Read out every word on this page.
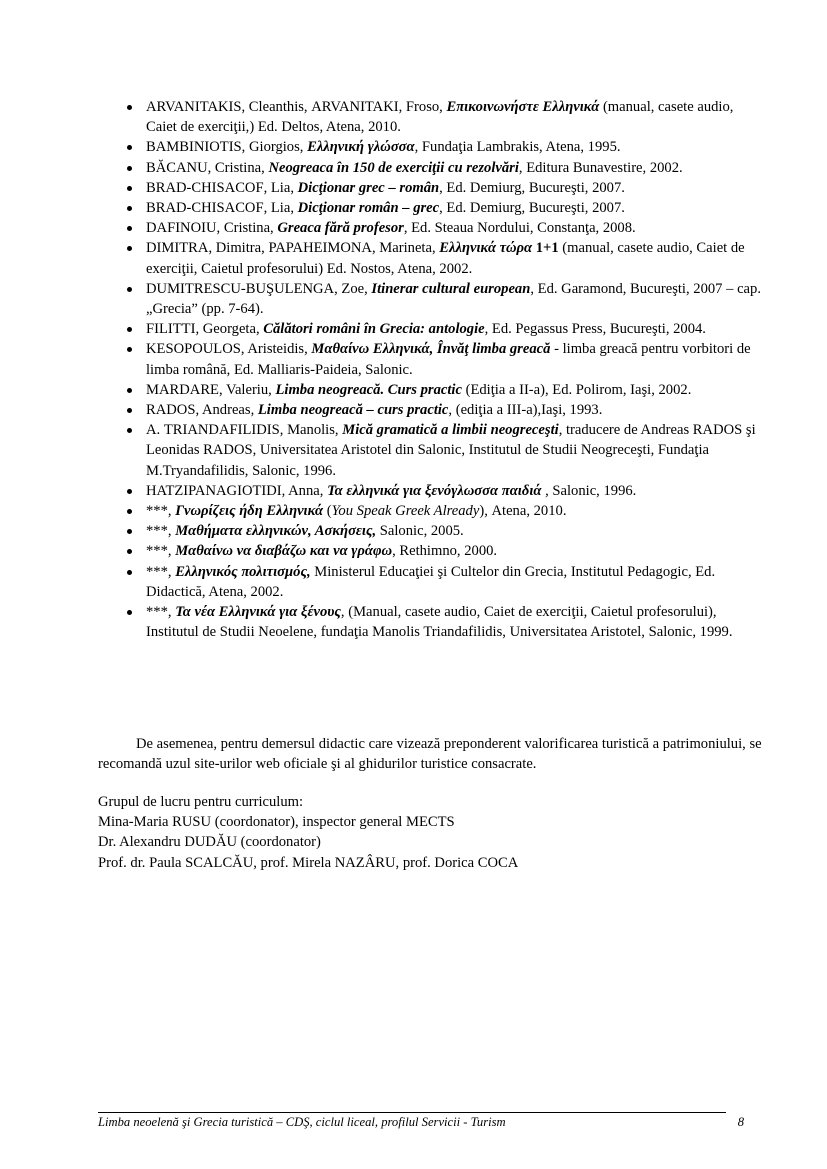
ARVANITAKIS, Cleanthis, ARVANITAKI, Froso, Επικοινωνήστε Ελληνικά (manual, casete audio, Caiet de exerciţii,) Ed. Deltos, Atena, 2010.
BAMBINIOTIS, Giorgios, Ελληνική γλώσσα, Fundaţia Lambrakis, Atena, 1995.
BĂCANU, Cristina, Neogreaca în 150 de exerciţii cu rezolvări, Editura Bunavestire, 2002.
BRAD-CHISACOF, Lia, Dicţionar grec – român, Ed. Demiurg, Bucureşti, 2007.
BRAD-CHISACOF, Lia, Dicţionar român – grec, Ed. Demiurg, Bucureşti, 2007.
DAFINOIU, Cristina, Greaca fără profesor, Ed. Steaua Nordului, Constanţa, 2008.
DIMITRA, Dimitra, PAPAHEIMONA, Marineta, Ελληνικά τώρα 1+1 (manual, casete audio, Caiet de exerciţii, Caietul profesorului) Ed. Nostos, Atena, 2002.
DUMITRESCU-BUŞULENGA, Zoe, Itinerar cultural european, Ed. Garamond, Bucureşti, 2007 – cap. „Grecia” (pp. 7-64).
FILITTI, Georgeta, Călători români în Grecia: antologie, Ed. Pegassus Press, Bucureşti, 2004.
KESOPOULOS, Aristeidis, Μαθαίνω Ελληνικά, Învăţ limba greacă - limba greacă pentru vorbitori de limba română, Ed. Malliaris-Paideia, Salonic.
MARDARE, Valeriu, Limba neogreacă. Curs practic (Ediţia a II-a), Ed. Polirom, Iaşi, 2002.
RADOS, Andreas, Limba neogreacă – curs practic, (ediţia a III-a),Iaşi, 1993.
A. TRIANDAFILIDIS, Manolis, Mică gramatică a limbii neogreceşti, traducere de Andreas RADOS şi Leonidas RADOS, Universitatea Aristotel din Salonic, Institutul de Studii Neogreceşti, Fundaţia M.Tryandafilidis, Salonic, 1996.
HATZIPANAGIOTIDI, Anna, Τα ελληνικά για ξενόγλωσσα παιδιά , Salonic, 1996.
***, Γνωρίζεις ήδη Ελληνικά (You Speak Greek Already), Atena, 2010.
***, Μαθήματα ελληνικών, Ασκήσεις, Salonic, 2005.
***, Μαθαίνω να διαβάζω και να γράφω, Rethimno, 2000.
***, Ελληνικός πολιτισμός, Ministerul Educaţiei şi Cultelor din Grecia, Institutul Pedagogic, Ed. Didactică, Atena, 2002.
***, Τα νέα Ελληνικά για ξένους, (Manual, casete audio, Caiet de exerciţii, Caietul profesorului), Institutul de Studii Neoelene, fundaţia Manolis Triandafilidis, Universitatea Aristotel, Salonic, 1999.

De asemenea, pentru demersul didactic care vizează preponderent valorificarea turistică a patrimoniului, se recomandă uzul site-urilor web oficiale şi al ghidurilor turistice consacrate.

Grupul de lucru pentru curriculum:
Mina-Maria RUSU (coordonator), inspector general MECTS
Dr. Alexandru DUDĂU (coordonator)
Prof. dr. Paula SCALCĂU, prof. Mirela NAZÂRU, prof. Dorica COCA
Limba neoelenă şi Grecia turistică – CDŞ, ciclul liceal, profilul Servicii - Turism	8
